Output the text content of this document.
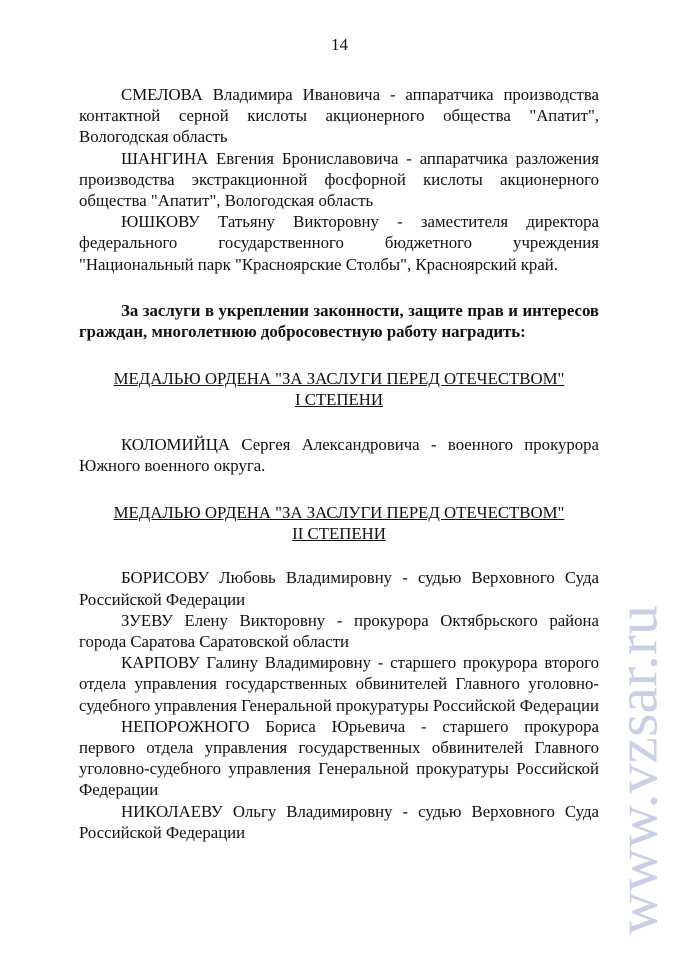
14

СМЕЛОВА Владимира Ивановича - аппаратчика производства контактной серной кислоты акционерного общества "Апатит", Вологодская область

ШАНГИНА Евгения Брониславовича - аппаратчика разложения производства экстракционной фосфорной кислоты акционерного общества "Апатит", Вологодская область

ЮШКОВУ Татьяну Викторовну - заместителя директора федерального государственного бюджетного учреждения "Национальный парк "Красноярские Столбы", Красноярский край.

За заслуги в укреплении законности, защите прав и интересов граждан, многолетнюю добросовестную работу наградить:

МЕДАЛЬЮ ОРДЕНА "ЗА ЗАСЛУГИ ПЕРЕД ОТЕЧЕСТВОМ"

I СТЕПЕНИ

КОЛОМИЙЦА Сергея Александровича - военного прокурора Южного военного округа.

МЕДАЛЬЮ ОРДЕНА "ЗА ЗАСЛУГИ ПЕРЕД ОТЕЧЕСТВОМ"

II СТЕПЕНИ

БОРИСОВУ Любовь Владимировну - судью Верховного Суда Российской Федерации

ЗУЕВУ Елену Викторовну - прокурора Октябрьского района города Саратова Саратовской области

КАРПОВУ Галину Владимировну - старшего прокурора второго отдела управления государственных обвинителей Главного уголовно-судебного управления Генеральной прокуратуры Российской Федерации

НЕПОРОЖНОГО Бориса Юрьевича - старшего прокурора первого отдела управления государственных обвинителей Главного уголовно-судебного управления Генеральной прокуратуры Российской Федерации

НИКОЛАЕВУ Ольгу Владимировну - судью Верховного Суда Российской Федерации	www.vzsar.ru
